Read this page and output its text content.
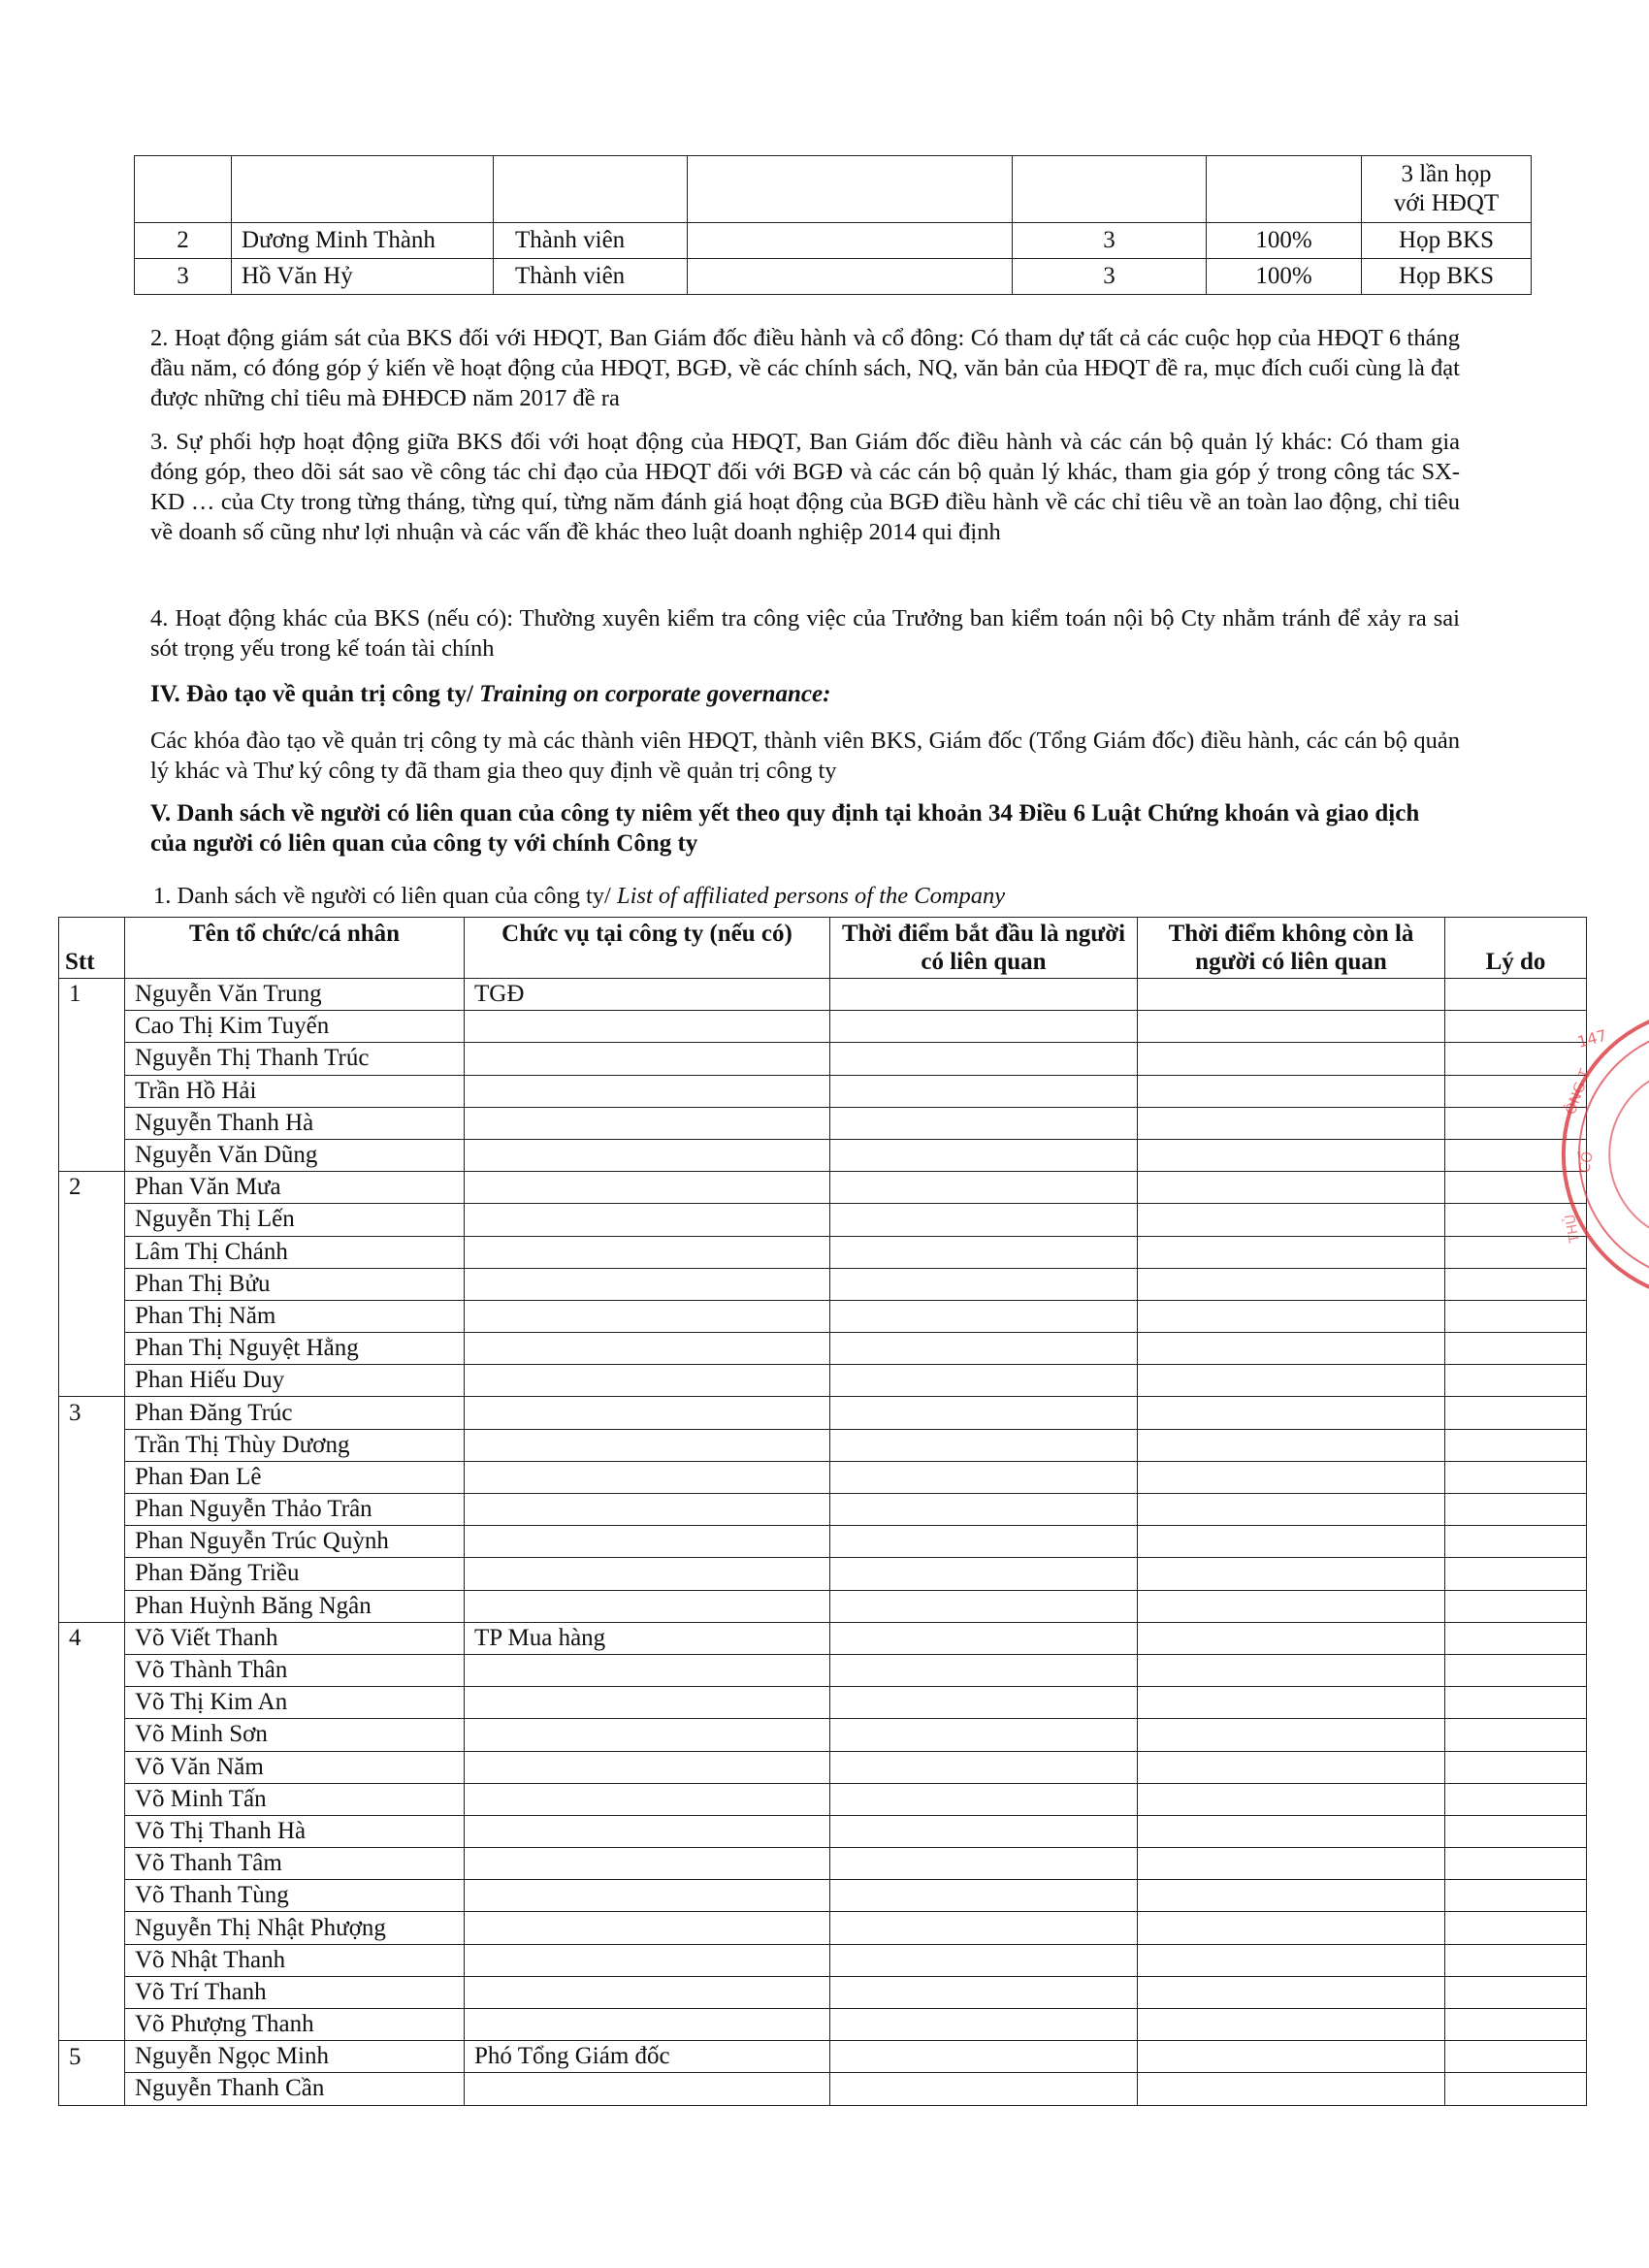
						3 lần họp
với HĐQT
2	Dương Minh Thành	Thành viên		3	100%	Họp BKS
3	Hồ Văn Hỷ	Thành viên		3	100%	Họp BKS

2. Hoạt động giám sát của BKS đối với HĐQT, Ban Giám đốc điều hành và cổ đông: Có tham dự tất cả các cuộc họp của HĐQT 6 tháng đầu năm, có đóng góp ý kiến về hoạt động của HĐQT, BGĐ, về các chính sách, NQ, văn bản của HĐQT đề ra, mục đích cuối cùng là đạt được những chỉ tiêu mà ĐHĐCĐ năm 2017 đề ra

3. Sự phối hợp hoạt động giữa BKS đối với hoạt động của HĐQT, Ban Giám đốc điều hành và các cán bộ quản lý khác: Có tham gia đóng góp, theo dõi sát sao về công tác chỉ đạo của HĐQT đối với BGĐ và các cán bộ quản lý khác, tham gia góp ý trong công tác SX-KD … của Cty trong từng tháng, từng quí, từng năm đánh giá hoạt động của BGĐ điều hành về các chỉ tiêu về an toàn lao động, chỉ tiêu về doanh số cũng như lợi nhuận và các vấn đề khác theo luật doanh nghiệp 2014 qui định

4. Hoạt động khác của BKS (nếu có): Thường xuyên kiểm tra công việc của Trưởng ban kiểm toán nội bộ Cty nhằm tránh để xảy ra sai sót trọng yếu trong kế toán tài chính

IV. Đào tạo về quản trị công ty/ Training on corporate governance:

Các khóa đào tạo về quản trị công ty mà các thành viên HĐQT, thành viên BKS, Giám đốc (Tổng Giám đốc) điều hành, các cán bộ quản lý khác và Thư ký công ty đã tham gia theo quy định về quản trị công ty

V. Danh sách về người có liên quan của công ty niêm yết theo quy định tại khoản 34 Điều 6 Luật Chứng khoán và giao dịch của người có liên quan của công ty với chính Công ty

1. Danh sách về người có liên quan của công ty/ List of affiliated persons of the Company

Stt	Tên tổ chức/cá nhân	Chức vụ tại công ty (nếu có)	Thời điểm bắt đầu là người có liên quan	Thời điểm không còn là người có liên quan	Lý do
1	Nguyễn Văn Trung	TGĐ			
	Cao Thị Kim Tuyến				
	Nguyễn Thị Thanh Trúc				
	Trần Hồ Hải				
	Nguyễn Thanh Hà				
	Nguyễn Văn Dũng				
2	Phan Văn Mưa				
	Nguyễn Thị Lến				
	Lâm Thị Chánh				
	Phan Thị Bửu				
	Phan Thị Năm				
	Phan Thị Nguyệt Hằng				
	Phan Hiếu Duy				
3	Phan Đăng Trúc				
	Trần Thị Thùy Dương				
	Phan Đan Lê				
	Phan Nguyễn Thảo Trân				
	Phan Nguyễn Trúc Quỳnh				
	Phan Đăng Triều				
	Phan Huỳnh Băng Ngân				
4	Võ Viết Thanh	TP Mua hàng			
	Võ Thành Thân				
	Võ Thị Kim An				
	Võ Minh Sơn				
	Võ Văn Năm				
	Võ Minh Tấn				
	Võ Thị Thanh Hà				
	Võ Thanh Tâm				
	Võ Thanh Tùng				
	Nguyễn Thị Nhật Phượng				
	Võ Nhật Thanh				
	Võ Trí Thanh				
	Võ Phượng Thanh				
5	Nguyễn Ngọc Minh	Phó Tổng Giám đốc			
	Nguyễn Thanh Cần				
147
ÔNG T
CỔ
THỦ
